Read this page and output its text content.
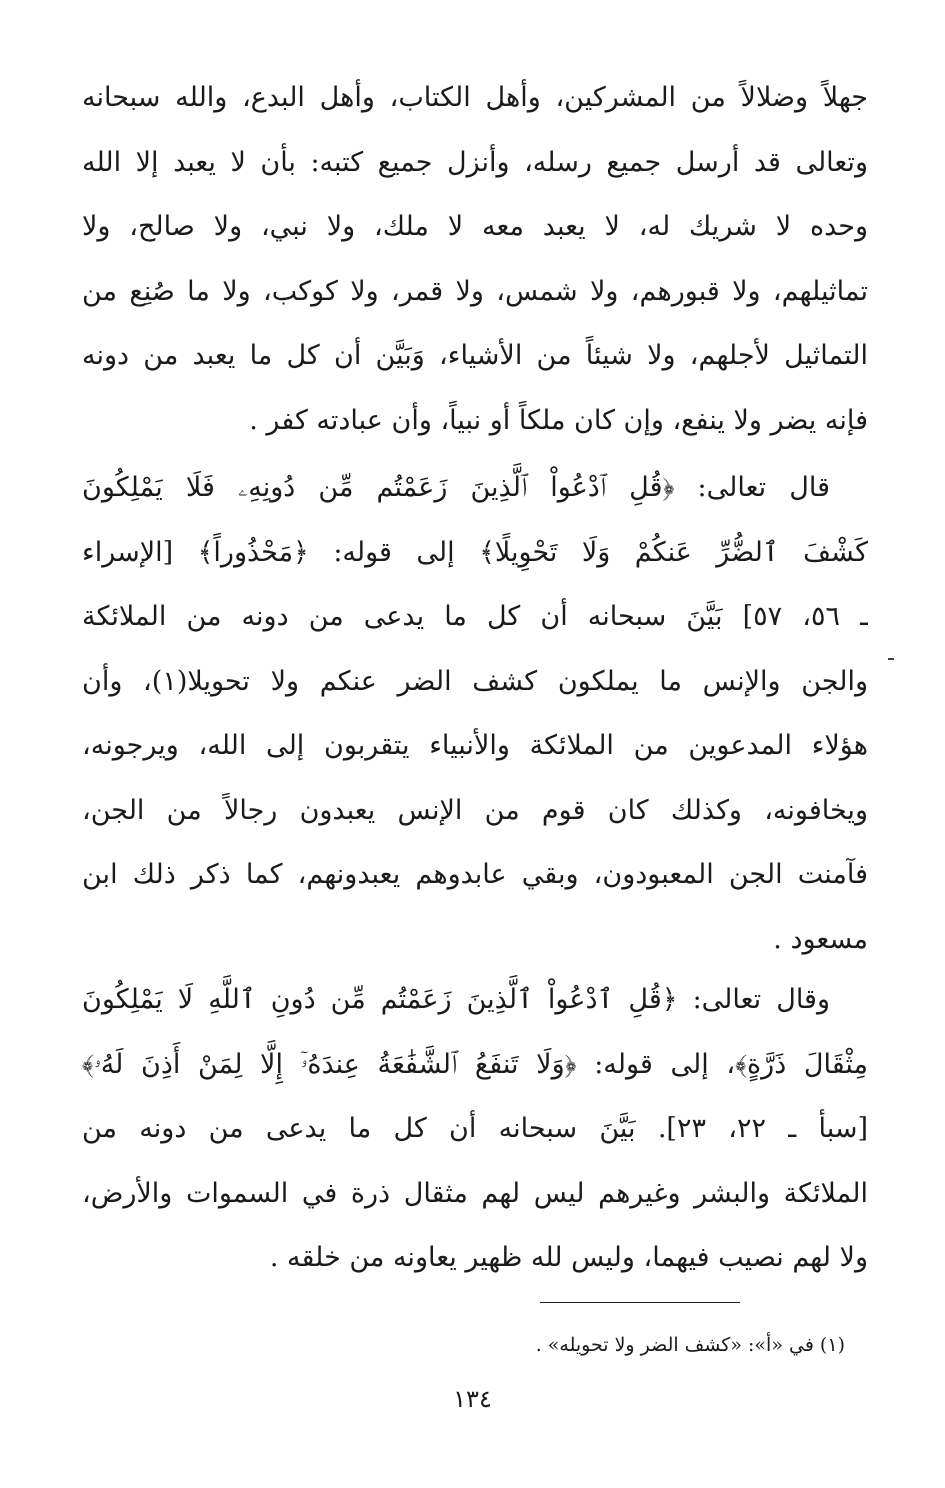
جهلاً وضلالاً من المشركين، وأهل الكتاب، وأهل البدع، والله سبحانه
وتعالى قد أرسل جميع رسله، وأنزل جميع كتبه: بأن لا يعبد إلا الله
وحده لا شريك له، لا يعبد معه لا ملك، ولا نبي، ولا صالح، ولا
تماثيلهم، ولا قبورهم، ولا شمس، ولا قمر، ولا كوكب، ولا ما صُنِع من
التماثيل لأجلهم، ولا شيئاً من الأشياء، وَبَيَّن أن كل ما يعبد من دونه
فإنه يضر ولا ينفع، وإن كان ملكاً أو نبياً، وأن عبادته كفر .
قال تعالى: ﴿قُلِ ٱدْعُواْ ٱلَّذِينَ زَعَمْتُم مِّن دُونِهِۦ فَلَا يَمْلِكُونَ
كَشْفَ ٱلضُّرِّ عَنكُمْ وَلَا تَحْوِيلًا﴾ إلى قوله: ﴿مَحْذُوراً﴾ [الإسراء
ـ ٥٦، ٥٧] بَيَّنَ سبحانه أن كل ما يدعى من دونه من الملائكة
والجن والإنس ما يملكون كشف الضر عنكم ولا تحويلا(١)، وأن
هؤلاء المدعوين من الملائكة والأنبياء يتقربون إلى الله، ويرجونه،
ويخافونه، وكذلك كان قوم من الإنس يعبدون رجالاً من الجن،
فآمنت الجن المعبودون، وبقي عابدوهم يعبدونهم، كما ذكر ذلك ابن
مسعود .
وقال تعالى: ﴿قُلِ ٱدْعُواْ ٱلَّذِينَ زَعَمْتُم مِّن دُونِ ٱللَّهِ لَا يَمْلِكُونَ
مِثْقَالَ ذَرَّةٍ﴾، إلى قوله: ﴿وَلَا تَنفَعُ ٱلشَّفَٰعَةُ عِندَهُۥٓ إِلَّا لِمَنْ أَذِنَ لَهُۥ﴾
[سبأ ـ ٢٢، ٢٣]. بَيَّنَ سبحانه أن كل ما يدعى من دونه من
الملائكة والبشر وغيرهم ليس لهم مثقال ذرة في السموات والأرض،
ولا لهم نصيب فيهما، وليس لله ظهير يعاونه من خلقه .
(١) في «أ»: «كشف الضر ولا تحويله» .
١٣٤
